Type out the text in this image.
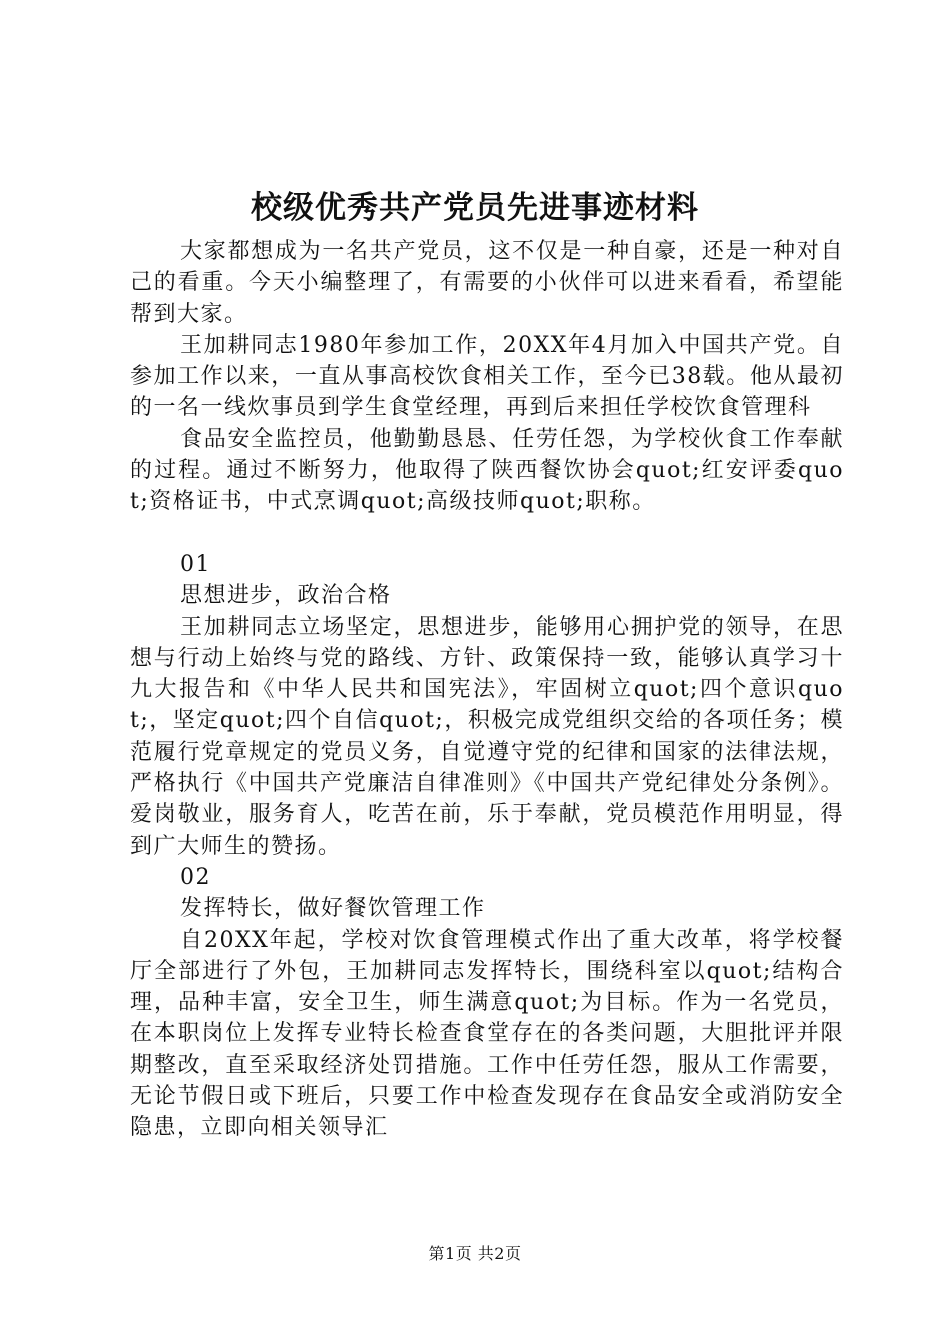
校级优秀共产党员先进事迹材料

大家都想成为一名共产党员，这不仅是一种自豪，还是一种对自己的看重。今天小编整理了，有需要的小伙伴可以进来看看，希望能帮到大家。

王加耕同志1980年参加工作，20XX年4月加入中国共产党。自参加工作以来，一直从事高校饮食相关工作，至今已38载。他从最初的一名一线炊事员到学生食堂经理，再到后来担任学校饮食管理科

食品安全监控员，他勤勤恳恳、任劳任怨，为学校伙食工作奉献的过程。通过不断努力，他取得了陕西餐饮协会quot;红安评委quot;资格证书，中式烹调quot;高级技师quot;职称。

01

思想进步，政治合格

王加耕同志立场坚定，思想进步，能够用心拥护党的领导，在思想与行动上始终与党的路线、方针、政策保持一致，能够认真学习十九大报告和《中华人民共和国宪法》，牢固树立quot;四个意识quot;，坚定quot;四个自信quot;，积极完成党组织交给的各项任务；模范履行党章规定的党员义务，自觉遵守党的纪律和国家的法律法规，严格执行《中国共产党廉洁自律准则》《中国共产党纪律处分条例》。爱岗敬业，服务育人，吃苦在前，乐于奉献，党员模范作用明显，得到广大师生的赞扬。

02

发挥特长，做好餐饮管理工作

自20XX年起，学校对饮食管理模式作出了重大改革，将学校餐厅全部进行了外包，王加耕同志发挥特长，围绕科室以quot;结构合理，品种丰富，安全卫生，师生满意quot;为目标。作为一名党员，在本职岗位上发挥专业特长检查食堂存在的各类问题，大胆批评并限期整改，直至采取经济处罚措施。工作中任劳任怨，服从工作需要，无论节假日或下班后，只要工作中检查发现存在食品安全或消防安全隐患，立即向相关领导汇

第1页 共2页
